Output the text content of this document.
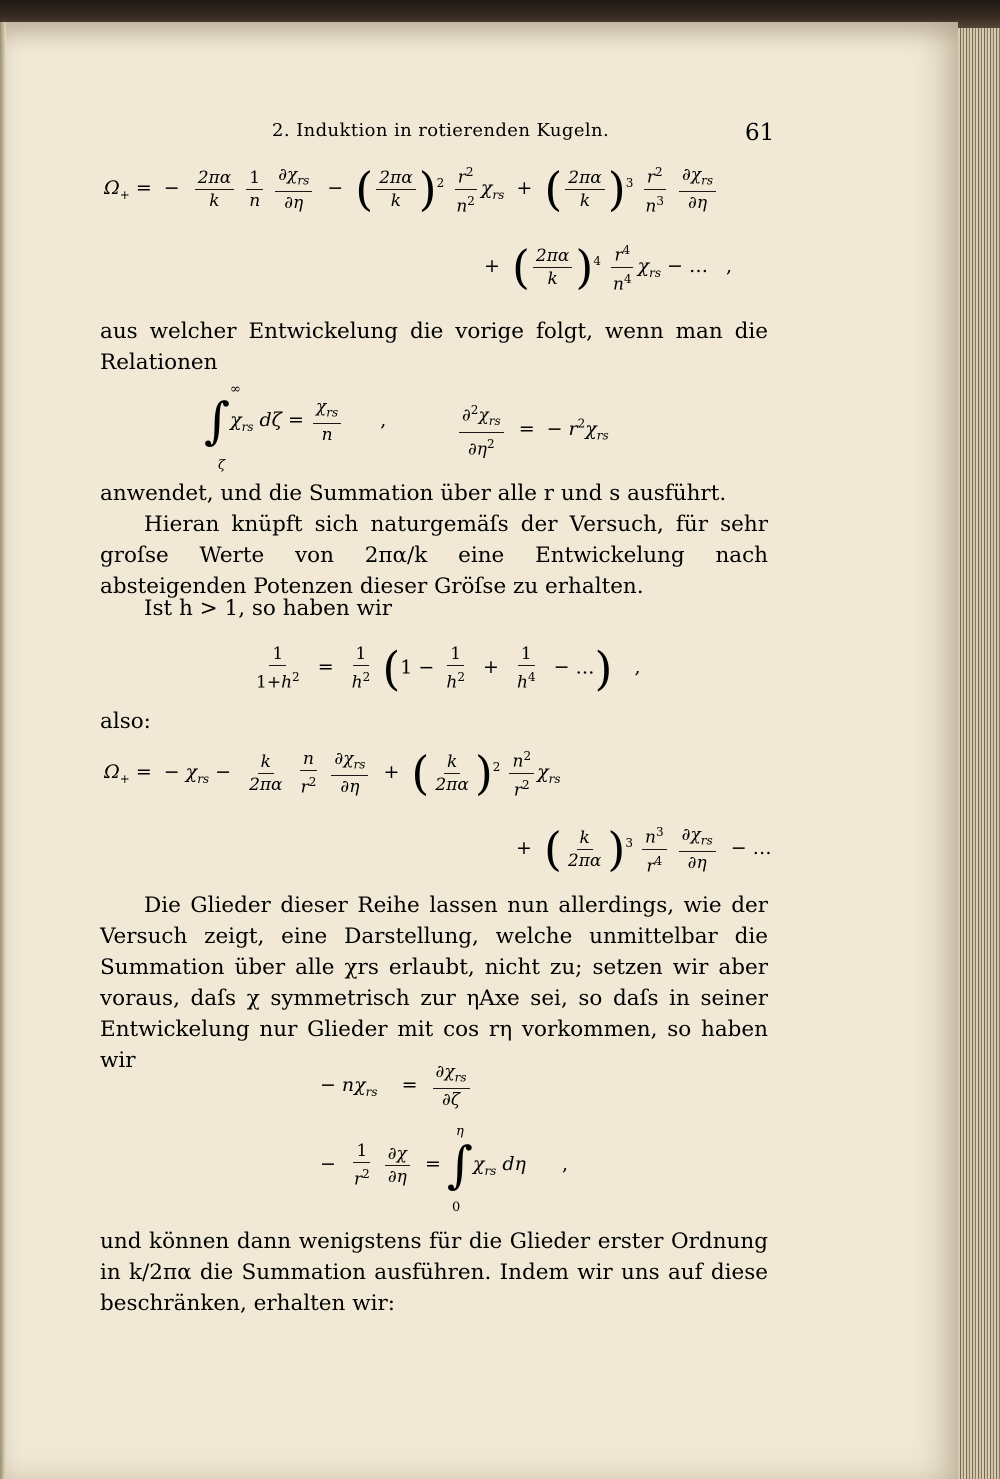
2. Induktion in rotierenden Kugeln.	61
$\Omega_+$ = − $\frac{2\pi\alpha}{k}$
$\frac{1}{n}$
$\frac{\partial\chi_{rs}}{\partial\eta}$ − ( $\frac{2\pi\alpha}{k} )^2 \frac{r^2}{n^2} \chi_{rs}$ + ( $\frac{2\pi\alpha}{k} )^3 \frac{r^2}{n^3}$
$\frac{\partial\chi_{rs}}{\partial\eta}$
+ ( $\frac{2\pi\alpha}{k} )^4 \frac{r^4}{n^4} \chi_{rs}$ − … ,
aus welcher Entwickelung die vorige folgt, wenn man die Relationen
$\int\chi_{rs}$ $d\zeta = \frac{\chi_{rs}}{n}$ ,
∞
ζ
$\frac{\partial^2\chi_{rs}}{\partial\eta^2}$ = − $r^2\chi_{rs}$
anwendet, und die Summation über alle r und s ausführt.
Hieran knüpft sich naturgemäſs der Versuch, für sehr groſse Werte von 2πα/k eine Entwickelung nach absteigenden Potenzen dieser Gröſse zu erhalten.
Ist h > 1, so haben wir
$\frac{1}{1+h^2} = \frac{1}{h^2} (1 - \frac{1}{h^2} + \frac{1}{h^4}$ − …) ,
also:
$\Omega_+$ = − $\chi_{rs} - \frac{k}{2\pi\alpha}$
$\frac{n}{r^2}$
$\frac{\partial\chi_{rs}}{\partial\eta}$ + ( $\frac{k}{2\pi\alpha} )^2 \frac{n^2}{r^2} \chi_{rs}$
+ ( $\frac{k}{2\pi\alpha} )^3 \frac{n^3}{r^4}$
$\frac{\partial\chi_{rs}}{\partial\eta}$ − …
Die Glieder dieser Reihe lassen nun allerdings, wie der Versuch zeigt, eine Darstellung, welche unmittelbar die Summation über alle χrs erlaubt, nicht zu; setzen wir aber voraus, daſs χ symmetrisch zur ηAxe sei, so daſs in seiner Entwickelung nur Glieder mit cos rη vorkommen, so haben wir
− $n\chi_{rs} = \frac{\partial\chi_{rs}}{\partial\zeta}$
− $\frac{1}{r^2}$
$\frac{\partial\chi}{\partial\eta} = \int\chi_{rs}$ dη ,
η
0
und können dann wenigstens für die Glieder erster Ordnung in k/2πα die Summation ausführen. Indem wir uns auf diese beschränken, erhalten wir:
